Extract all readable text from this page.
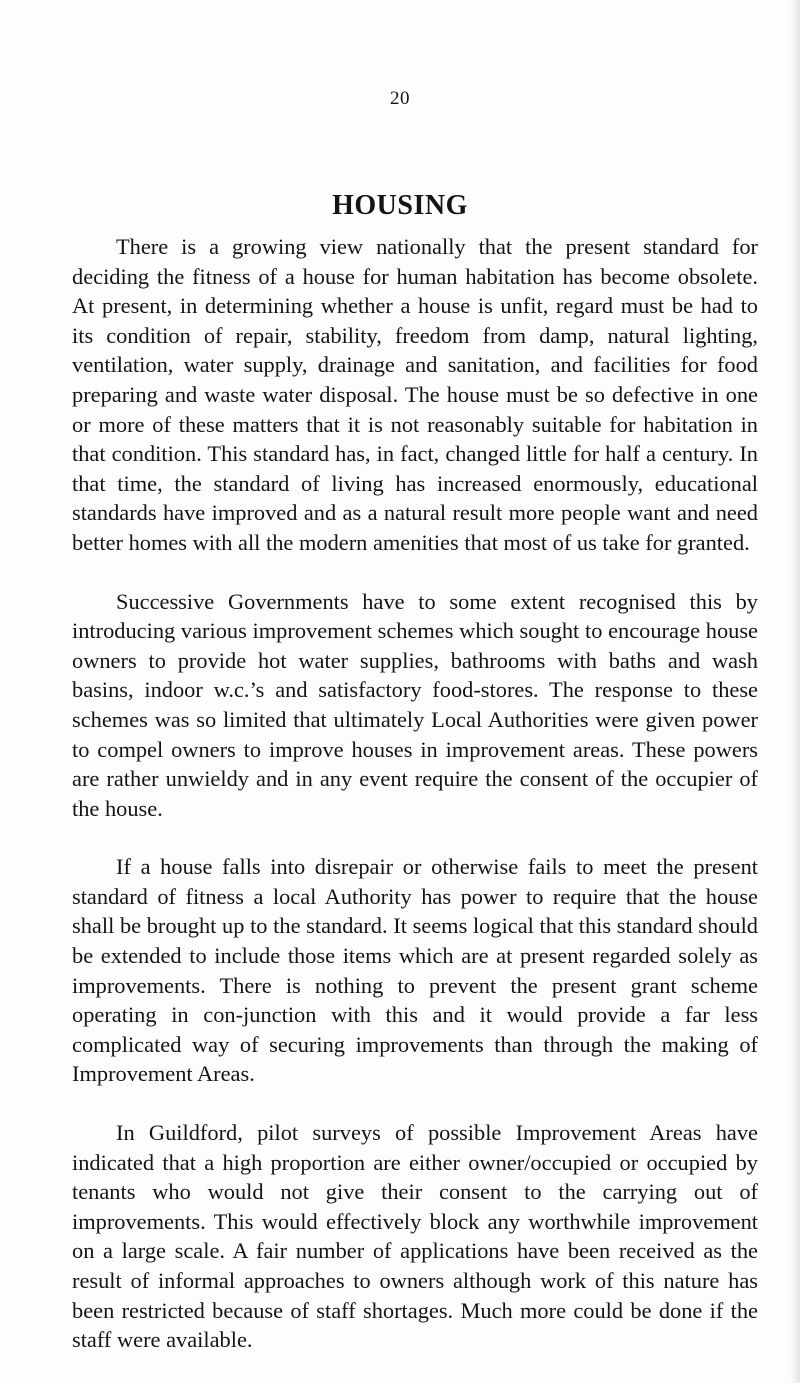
20
HOUSING

There is a growing view nationally that the present standard for deciding the fitness of a house for human habitation has become obsolete. At present, in determining whether a house is unfit, regard must be had to its condition of repair, stability, freedom from damp, natural lighting, ventilation, water supply, drainage and sanitation, and facilities for food preparing and waste water disposal. The house must be so defective in one or more of these matters that it is not reasonably suitable for habitation in that condition. This standard has, in fact, changed little for half a century. In that time, the standard of living has increased enormously, educational standards have improved and as a natural result more people want and need better homes with all the modern amenities that most of us take for granted.

Successive Governments have to some extent recognised this by introducing various improvement schemes which sought to encourage house owners to provide hot water supplies, bathrooms with baths and wash basins, indoor w.c.’s and satisfactory food-stores. The response to these schemes was so limited that ultimately Local Authorities were given power to compel owners to improve houses in improvement areas. These powers are rather unwieldy and in any event require the consent of the occupier of the house.

If a house falls into disrepair or otherwise fails to meet the present standard of fitness a local Authority has power to require that the house shall be brought up to the standard. It seems logical that this standard should be extended to include those items which are at present regarded solely as improvements. There is nothing to prevent the present grant scheme operating in con-junction with this and it would provide a far less complicated way of securing improvements than through the making of Improvement Areas.

In Guildford, pilot surveys of possible Improvement Areas have indicated that a high proportion are either owner/occupied or occupied by tenants who would not give their consent to the carrying out of improvements. This would effectively block any worthwhile improvement on a large scale. A fair number of applications have been received as the result of informal approaches to owners although work of this nature has been restricted because of staff shortages. Much more could be done if the staff were available.
